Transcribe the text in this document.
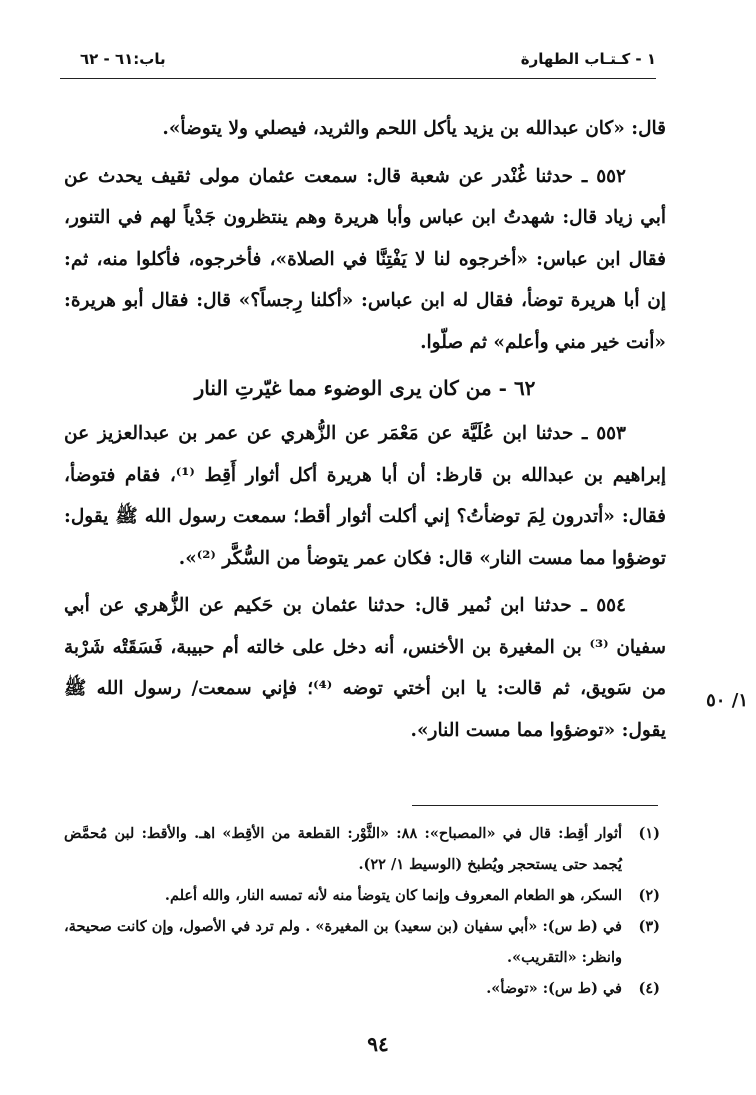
١ - كـتـاب الطهارة
باب:٦١ - ٦٢

قال: «كان عبدالله بن يزيد يأكل اللحم والثريد، فيصلي ولا يتوضأ».

٥٥٢ ـ حدثنا غُنْدر عن شعبة قال: سمعت عثمان مولى ثقيف يحدث عن أبي زياد قال: شهدتُ ابن عباس وأبا هريرة وهم ينتظرون جَدْياً لهم في التنور، فقال ابن عباس: «أخرجوه لنا لا يَفْتِنَّا في الصلاة»، فأخرجوه، فأكلوا منه، ثم: إن أبا هريرة توضأ، فقال له ابن عباس: «أكلنا رِجساً؟» قال: فقال أبو هريرة: «أنت خير مني وأعلم» ثم صلّوا.

٦٢ - من كان يرى الوضوء مما غيّرتِ النار

٥٥٣ ـ حدثنا ابن عُلَيَّة عن مَعْمَر عن الزُّهري عن عمر بن عبدالعزيز عن إبراهيم بن عبدالله بن قارظ: أن أبا هريرة أكل أثوار أَقِط ⁽¹⁾، فقام فتوضأ، فقال: «أتدرون لِمَ توضأتُ؟ إني أكلت أثوار أقط؛ سمعت رسول الله ﷺ يقول: توضؤوا مما مست النار» قال: فكان عمر يتوضأ من السُّكَّر ⁽²⁾».

٥٥٤ ـ حدثنا ابن نُمير قال: حدثنا عثمان بن حَكيم عن الزُّهري عن أبي سفيان ⁽³⁾ بن المغيرة بن الأخنس، أنه دخل على خالته أم حبيبة، فَسَقَتْه شَرْبة من سَويق، ثم قالت: يا ابن أختي توضه ⁽⁴⁾؛ فإني سمعت/ رسول الله ﷺ يقول: «توضؤوا مما مست النار».

١/ ٥٠
(١)
أثوار أقِط: قال في «المصباح»: ٨٨: «الثَّوْر: القطعة من الأقِط» اهـ. والأقط: لبن مُحمَّض يُجمد حتى يستحجر ويُطبخ (الوسيط ١/ ٢٢).
(٢)
السكر، هو الطعام المعروف وإنما كان يتوضأ منه لأنه تمسه النار، والله أعلم.
(٣)
في (ط س): «أبي سفيان (بن سعيد) بن المغيرة» . ولم ترد في الأصول، وإن كانت صحيحة، وانظر: «التقريب».
(٤)
في (ط س): «توضأ».
٩٤
